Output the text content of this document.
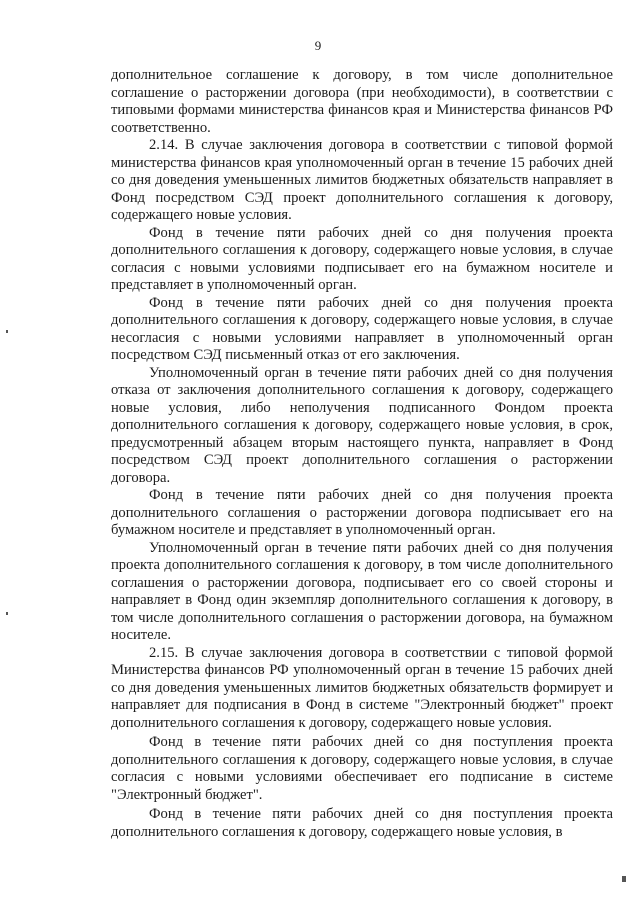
9

дополнительное соглашение к договору, в том числе дополнительное соглашение о расторжении договора (при необходимости), в соответствии с типовыми формами министерства финансов края и Министерства финансов РФ соответственно.

2.14. В случае заключения договора в соответствии с типовой формой министерства финансов края уполномоченный орган в течение 15 рабочих дней со дня доведения уменьшенных лимитов бюджетных обязательств направляет в Фонд посредством СЭД проект дополнительного соглашения к договору, содержащего новые условия.

Фонд в течение пяти рабочих дней со дня получения проекта дополнительного соглашения к договору, содержащего новые условия, в случае согласия с новыми условиями подписывает его на бумажном носителе и представляет в уполномоченный орган.

Фонд в течение пяти рабочих дней со дня получения проекта дополнительного соглашения к договору, содержащего новые условия, в случае несогласия с новыми условиями направляет в уполномоченный орган посредством СЭД письменный отказ от его заключения.

Уполномоченный орган в течение пяти рабочих дней со дня получения отказа от заключения дополнительного соглашения к договору, содержащего новые условия, либо неполучения подписанного Фондом проекта дополнительного соглашения к договору, содержащего новые условия, в срок, предусмотренный абзацем вторым настоящего пункта, направляет в Фонд посредством СЭД проект дополнительного соглашения о расторжении договора.

Фонд в течение пяти рабочих дней со дня получения проекта дополнительного соглашения о расторжении договора подписывает его на бумажном носителе и представляет в уполномоченный орган.

Уполномоченный орган в течение пяти рабочих дней со дня получения проекта дополнительного соглашения к договору, в том числе дополнительного соглашения о расторжении договора, подписывает его со своей стороны и направляет в Фонд один экземпляр дополнительного соглашения к договору, в том числе дополнительного соглашения о расторжении договора, на бумажном носителе.

2.15. В случае заключения договора в соответствии с типовой формой Министерства финансов РФ уполномоченный орган в течение 15 рабочих дней со дня доведения уменьшенных лимитов бюджетных обязательств формирует и направляет для подписания в Фонд в системе "Электронный бюджет" проект дополнительного соглашения к договору, содержащего новые условия.

Фонд в течение пяти рабочих дней со дня поступления проекта дополнительного соглашения к договору, содержащего новые условия, в случае согласия с новыми условиями обеспечивает его подписание в системе "Электронный бюджет".

Фонд в течение пяти рабочих дней со дня поступления проекта дополнительного соглашения к договору, содержащего новые условия, в
